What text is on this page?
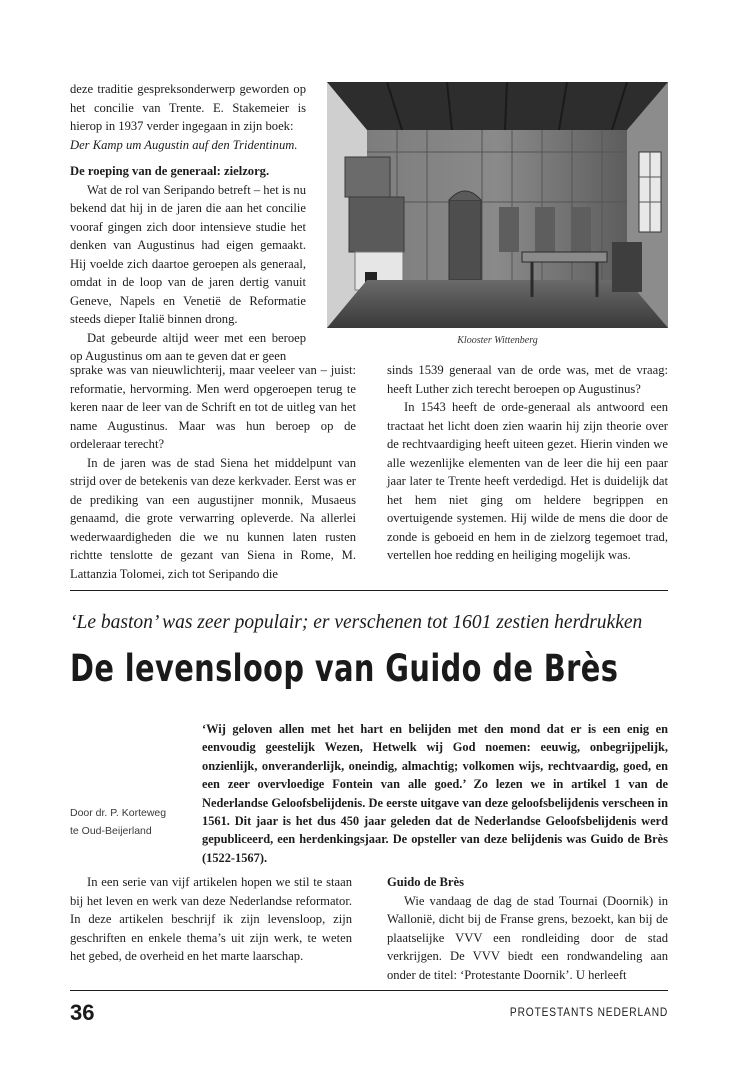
deze traditie gespreksonderwerp geworden op het concilie van Trente. E. Stakemeier is hierop in 1937 verder ingegaan in zijn boek:

Der Kamp um Augustin auf den Tridentinum.

De roeping van de generaal: zielzorg.

Wat de rol van Seripando betreft – het is nu bekend dat hij in de jaren die aan het concilie vooraf gingen zich door intensieve studie het denken van Augustinus had eigen gemaakt. Hij voelde zich daartoe geroepen als generaal, omdat in de loop van de jaren dertig vanuit Geneve, Napels en Venetië de Reformatie steeds dieper Italië binnen drong.

Dat gebeurde altijd weer met een beroep op Augustinus om aan te geven dat er geen

Klooster Wittenberg

sprake was van nieuwlichterij, maar veeleer van – juist: reformatie, hervorming. Men werd opgeroepen terug te keren naar de leer van de Schrift en tot de uitleg van het name Augustinus. Maar was hun beroep op de ordeleraar terecht?

In de jaren was de stad Siena het middelpunt van strijd over de betekenis van deze kerkvader. Eerst was er de prediking van een augustijner monnik, Musaeus genaamd, die grote verwarring opleverde. Na allerlei wederwaardigheden die we nu kunnen laten rusten richtte tenslotte de gezant van Siena in Rome, M. Lattanzia Tolomei, zich tot Seripando die

sinds 1539 generaal van de orde was, met de vraag: heeft Luther zich terecht beroepen op Augustinus?

In 1543 heeft de orde-generaal als antwoord een tractaat het licht doen zien waarin hij zijn theorie over de rechtvaardiging heeft uiteen gezet. Hierin vinden we alle wezenlijke elementen van de leer die hij een paar jaar later te Trente heeft verdedigd. Het is duidelijk dat het hem niet ging om heldere begrippen en overtuigende systemen. Hij wilde de mens die door de zonde is geboeid en hem in de zielzorg tegemoet trad, vertellen hoe redding en heiliging mogelijk was.

‘Le baston’ was zeer populair; er verschenen tot 1601 zestien herdrukken
De levensloop van Guido de Brès

‘Wij geloven allen met het hart en belijden met den mond dat er is een enig en eenvoudig geestelijk Wezen, Hetwelk wij God noemen: eeuwig, onbegrijpelijk, onzienlijk, onveranderlijk, oneindig, almachtig; volkomen wijs, rechtvaardig, goed, en een zeer overvloedige Fontein van alle goed.’ Zo lezen we in artikel 1 van de Nederlandse Geloofsbelijdenis. De eerste uitgave van deze geloofsbelijdenis verscheen in 1561. Dit jaar is het dus 450 jaar geleden dat de Nederlandse Geloofsbelijdenis werd gepubliceerd, een herdenkingsjaar. De opsteller van deze belijdenis was Guido de Brès (1522-1567).

Door dr. P. Korteweg
te Oud-Beijerland

In een serie van vijf artikelen hopen we stil te staan bij het leven en werk van deze Nederlandse reformator. In deze artikelen beschrijf ik zijn levensloop, zijn geschriften en enkele thema’s uit zijn werk, te weten het gebed, de overheid en het marte laarschap.

Guido de Brès

Wie vandaag de dag de stad Tournai (Doornik) in Wallonië, dicht bij de Franse grens, bezoekt, kan bij de plaatselijke VVV een rondleiding door de stad verkrijgen. De VVV biedt een rondwandeling aan onder de titel: ‘Protestante Doornik’. U herleeft

36	PROTESTANTS NEDERLAND
